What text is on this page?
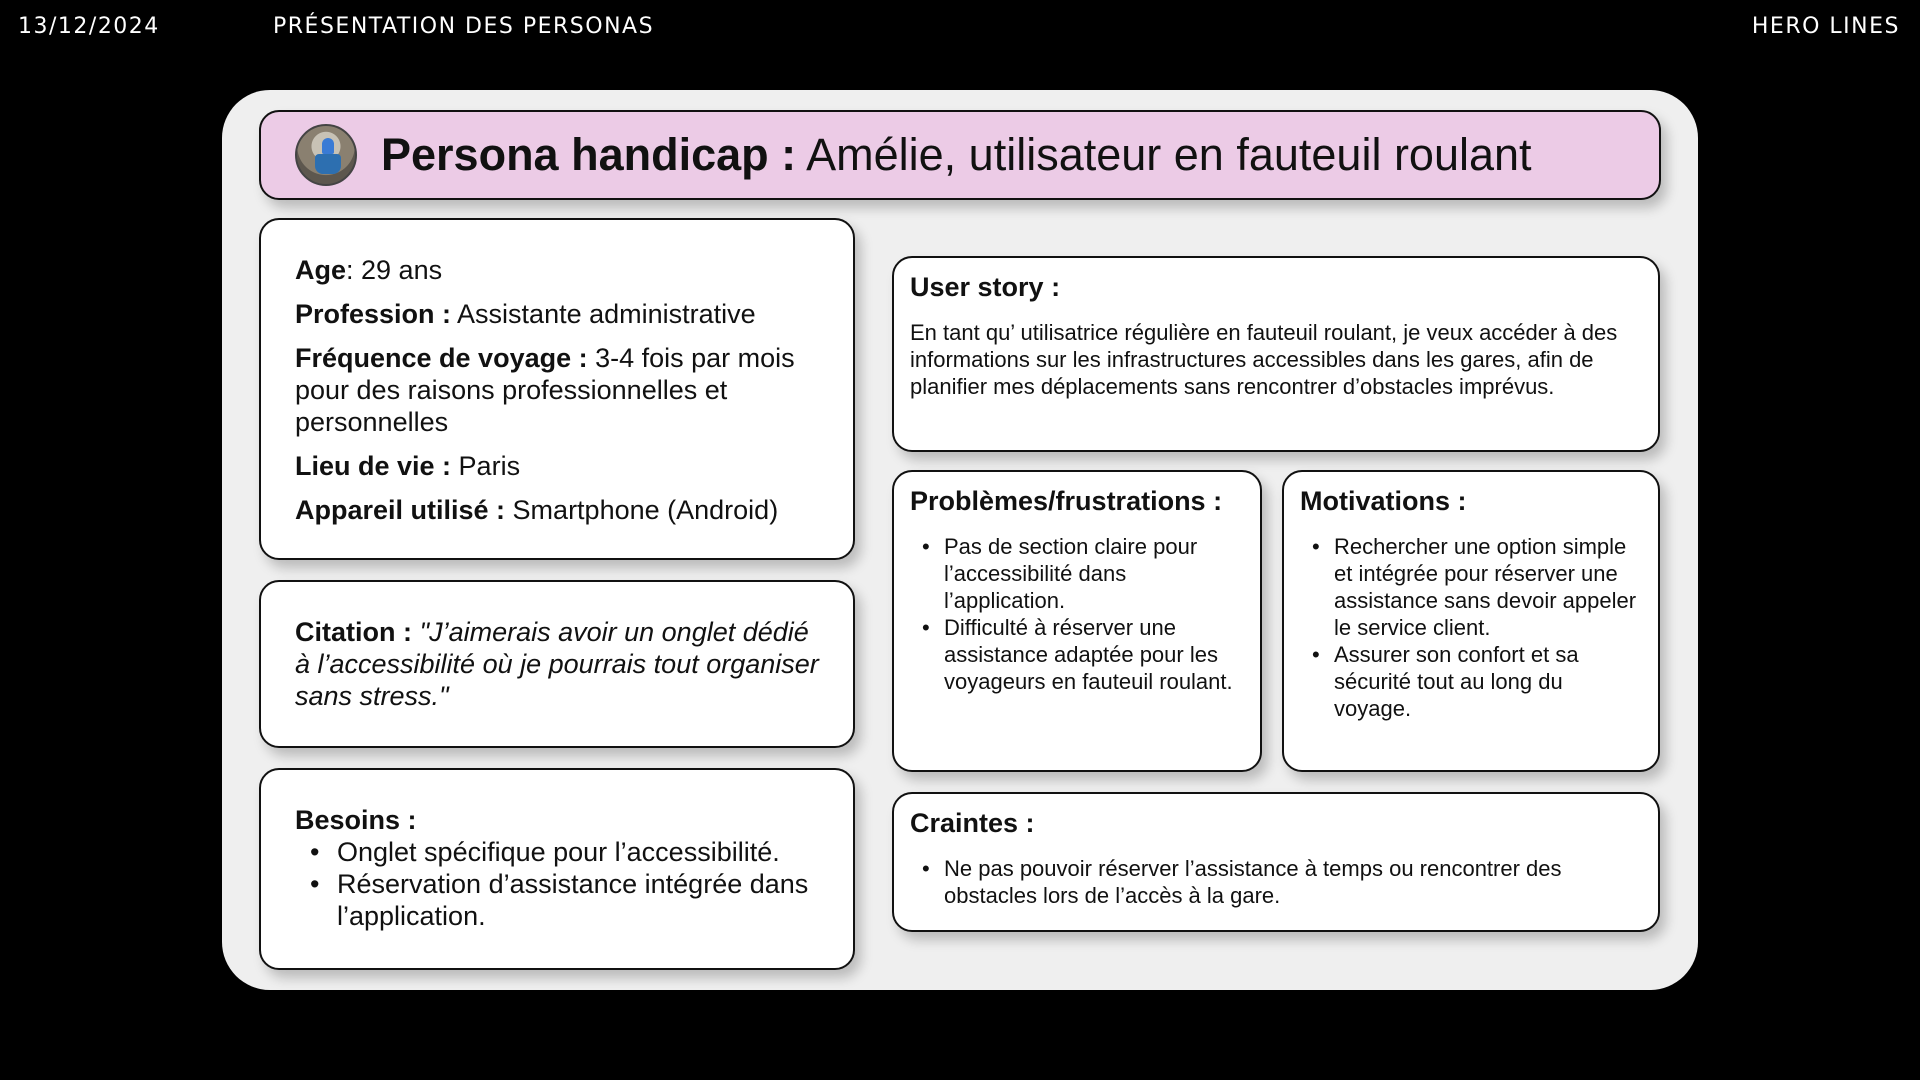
13/12/2024	PRÉSENTATION DES PERSONAS	HERO LINES
Persona handicap : Amélie, utilisateur en fauteuil roulant

Age: 29 ans

Profession : Assistante administrative

Fréquence de voyage : 3-4 fois par mois pour des raisons professionnelles et personnelles

Lieu de vie : Paris

Appareil utilisé : Smartphone (Android)

Citation : "J’aimerais avoir un onglet dédié à l’accessibilité où je pourrais tout organiser sans stress."
Besoins :
• Onglet spécifique pour l’accessibilité.
• Réservation d’assistance intégrée dans l’application.
User story :
En tant qu’ utilisatrice régulière en fauteuil roulant, je veux accéder à des informations sur les infrastructures accessibles dans les gares, afin de planifier mes déplacements sans rencontrer d’obstacles imprévus.
Problèmes/frustrations :
• Pas de section claire pour l’accessibilité dans l’application.
• Difficulté à réserver une assistance adaptée pour les voyageurs en fauteuil roulant.
Motivations :
• Rechercher une option simple et intégrée pour réserver une assistance sans devoir appeler le service client.
• Assurer son confort et sa sécurité tout au long du voyage.
Craintes :
• Ne pas pouvoir réserver l’assistance à temps ou rencontrer des obstacles lors de l’accès à la gare.
